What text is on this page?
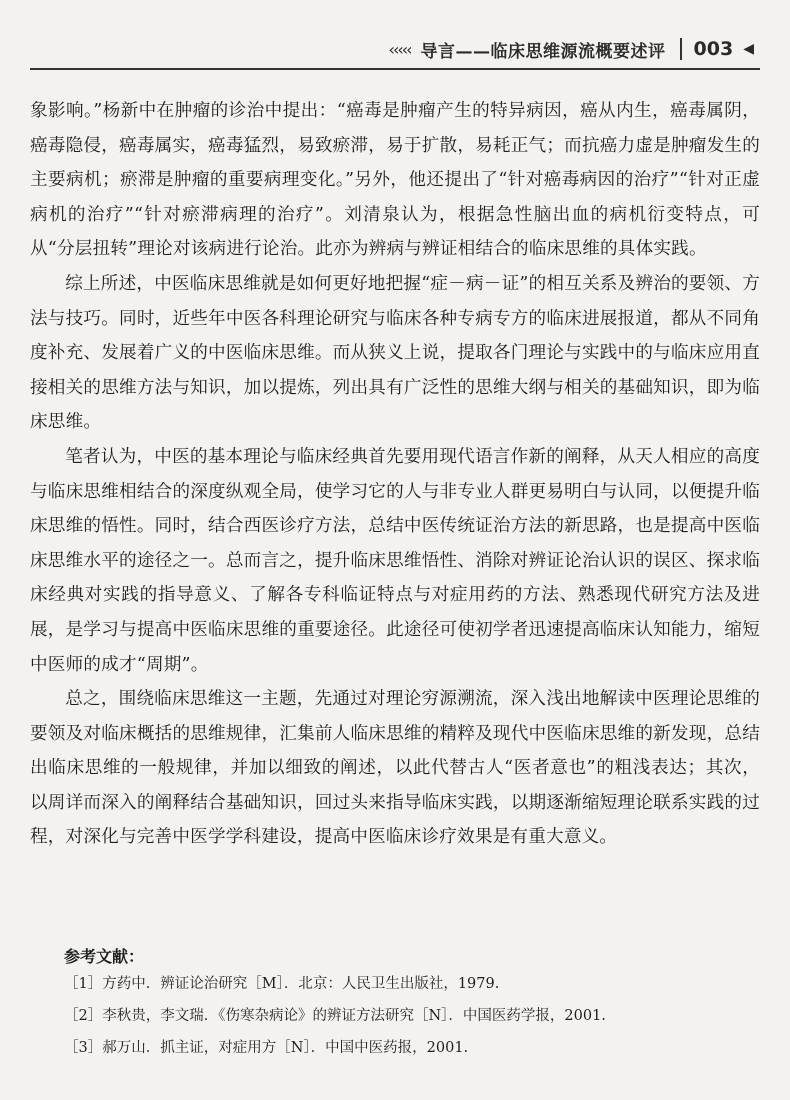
‹‹‹‹‹ 导言——临床思维源流概要述评 003 ◀

象影响。”杨新中在肿瘤的诊治中提出：“癌毒是肿瘤产生的特异病因，癌从内生，癌毒属阴，癌毒隐侵，癌毒属实，癌毒猛烈，易致瘀滞，易于扩散，易耗正气；而抗癌力虚是肿瘤发生的主要病机；瘀滞是肿瘤的重要病理变化。”另外，他还提出了“针对癌毒病因的治疗”“针对正虚病机的治疗”“针对瘀滞病理的治疗”。刘清泉认为，根据急性脑出血的病机衍变特点，可从“分层扭转”理论对该病进行论治。此亦为辨病与辨证相结合的临床思维的具体实践。

综上所述，中医临床思维就是如何更好地把握“症－病－证”的相互关系及辨治的要领、方法与技巧。同时，近些年中医各科理论研究与临床各种专病专方的临床进展报道，都从不同角度补充、发展着广义的中医临床思维。而从狭义上说，提取各门理论与实践中的与临床应用直接相关的思维方法与知识，加以提炼，列出具有广泛性的思维大纲与相关的基础知识，即为临床思维。

笔者认为，中医的基本理论与临床经典首先要用现代语言作新的阐释，从天人相应的高度与临床思维相结合的深度纵观全局，使学习它的人与非专业人群更易明白与认同，以便提升临床思维的悟性。同时，结合西医诊疗方法，总结中医传统证治方法的新思路，也是提高中医临床思维水平的途径之一。总而言之，提升临床思维悟性、消除对辨证论治认识的误区、探求临床经典对实践的指导意义、了解各专科临证特点与对症用药的方法、熟悉现代研究方法及进展，是学习与提高中医临床思维的重要途径。此途径可使初学者迅速提高临床认知能力，缩短中医师的成才“周期”。

总之，围绕临床思维这一主题，先通过对理论穷源溯流，深入浅出地解读中医理论思维的要领及对临床概括的思维规律，汇集前人临床思维的精粹及现代中医临床思维的新发现，总结出临床思维的一般规律，并加以细致的阐述，以此代替古人“医者意也”的粗浅表达；其次，以周详而深入的阐释结合基础知识，回过头来指导临床实践，以期逐渐缩短理论联系实践的过程，对深化与完善中医学学科建设，提高中医临床诊疗效果是有重大意义。

参考文献：
［1］方药中．辨证论治研究［M］．北京：人民卫生出版社，1979.
［2］李秋贵，李文瑞．《伤寒杂病论》的辨证方法研究［N］．中国医药学报，2001.
［3］郝万山．抓主证，对症用方［N］．中国中医药报，2001.
